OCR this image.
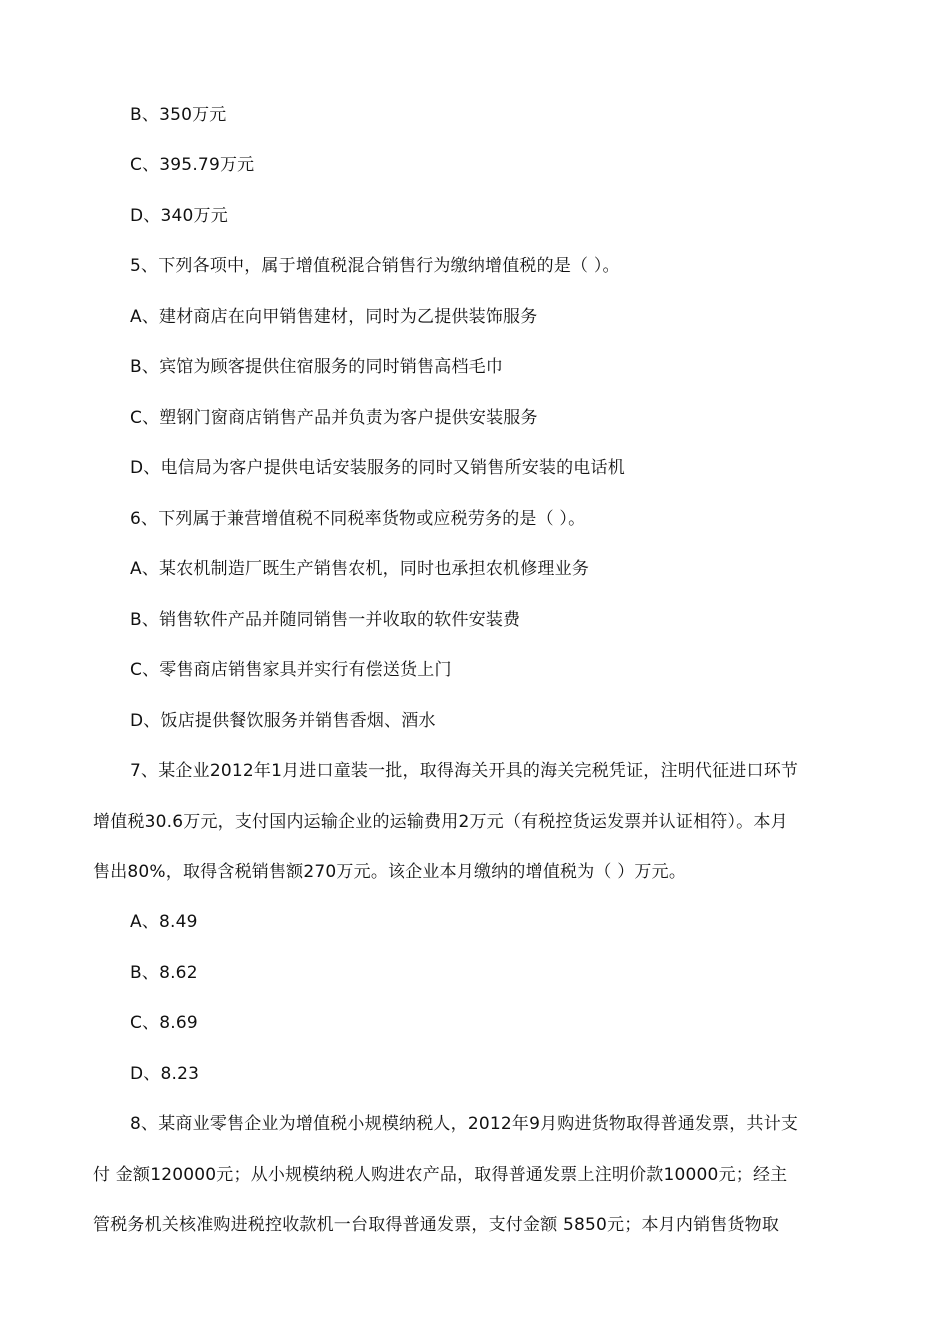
B、350万元
C、395.79万元
D、340万元
5、下列各项中，属于增值税混合销售行为缴纳增值税的是（ ）。
A、建材商店在向甲销售建材，同时为乙提供装饰服务
B、宾馆为顾客提供住宿服务的同时销售高档毛巾
C、塑钢门窗商店销售产品并负责为客户提供安装服务
D、电信局为客户提供电话安装服务的同时又销售所安装的电话机
6、下列属于兼营增值税不同税率货物或应税劳务的是（ ）。
A、某农机制造厂既生产销售农机，同时也承担农机修理业务
B、销售软件产品并随同销售一并收取的软件安装费
C、零售商店销售家具并实行有偿送货上门
D、饭店提供餐饮服务并销售香烟、酒水
7、某企业2012年1月进口童装一批，取得海关开具的海关完税凭证，注明代征进口环节
增值税30.6万元，支付国内运输企业的运输费用2万元（有税控货运发票并认证相符）。本月
售出80%，取得含税销售额270万元。该企业本月缴纳的增值税为（ ）万元。
A、8.49
B、8.62
C、8.69
D、8.23
8、某商业零售企业为增值税小规模纳税人，2012年9月购进货物取得普通发票，共计支
付 金额120000元；从小规模纳税人购进农产品，取得普通发票上注明价款10000元；经主
管税务机关核准购进税控收款机一台取得普通发票，支付金额 5850元；本月内销售货物取
